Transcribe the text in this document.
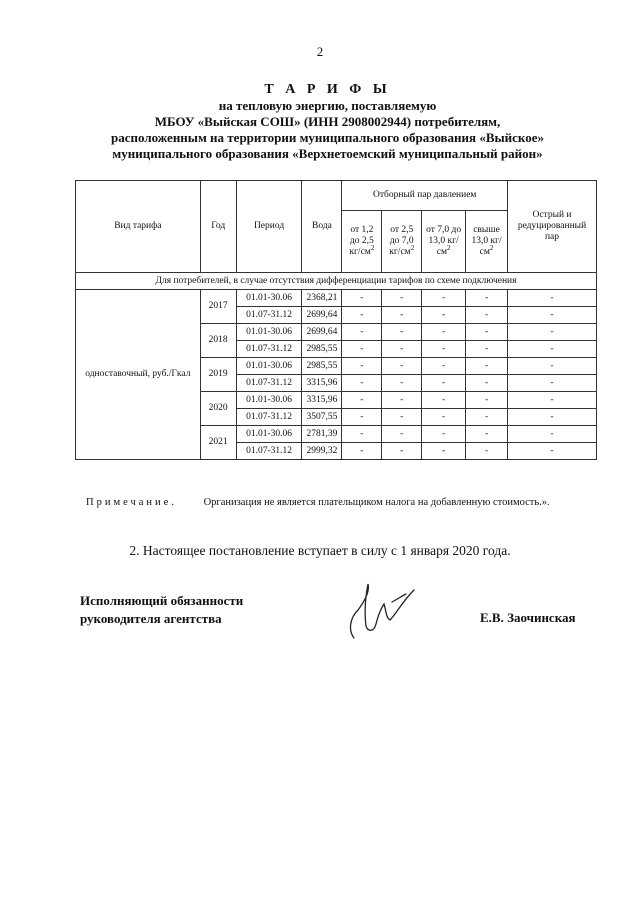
2
Т А Р И Ф Ы
на тепловую энергию, поставляемую
МБОУ «Выйская СОШ» (ИНН 2908002944) потребителям,
расположенным на территории муниципального образования «Выйское»
муниципального образования «Верхнетоемский муниципальный район»
Вид тарифа	Год	Период	Вода	Отборный пар давлением				Острый и редуцированный пар
				от 1,2 до 2,5 $кг/см^2$	от 2,5 до 7,0 $кг/см^2$	от 7,0 до 13,0 $кг/см^2$	свыше 13,0 $кг/см^2$
Для потребителей, в случае отсутствия дифференциации тарифов по схеме подключения								
одноставочный, руб./Гкал	2017	01.01-30.06	2368,21	-	-	-	-	-
		01.07-31.12	2699,64	-	-	-	-	-
	2018	01.01-30.06	2699,64	-	-	-	-	-
		01.07-31.12	2985,55	-	-	-	-	-
	2019	01.01-30.06	2985,55	-	-	-	-	-
		01.07-31.12	3315,96	-	-	-	-	-
	2020	01.01-30.06	3315,96	-	-	-	-	-
		01.07-31.12	3507,55	-	-	-	-	-
	2021	01.01-30.06	2781,39	-	-	-	-	-
		01.07-31.12	2999,32	-	-	-	-	-
Примечание.	Организация не является плательщиком налога на добавленную стоимость.».
2. Настоящее постановление вступает в силу с 1 января 2020 года.
Исполняющий обязанности
руководителя агентства	Е.В. Заочинская
